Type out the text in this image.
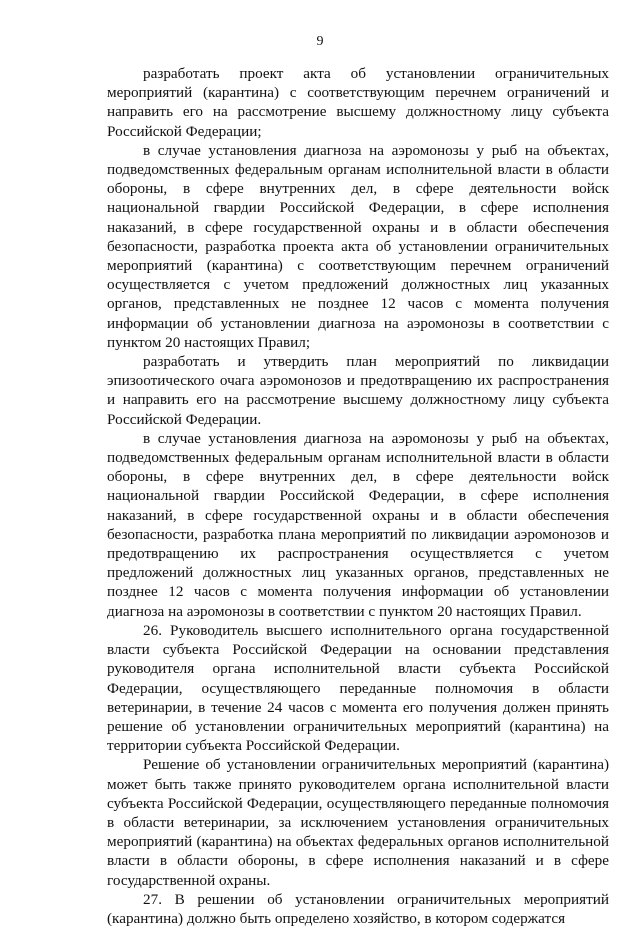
9

разработать проект акта об установлении ограничительных мероприятий (карантина) с соответствующим перечнем ограничений и направить его на рассмотрение высшему должностному лицу субъекта Российской Федерации;

в случае установления диагноза на аэромонозы у рыб на объектах, подведомственных федеральным органам исполнительной власти в области обороны, в сфере внутренних дел, в сфере деятельности войск национальной гвардии Российской Федерации, в сфере исполнения наказаний, в сфере государственной охраны и в области обеспечения безопасности, разработка проекта акта об установлении ограничительных мероприятий (карантина) с соответствующим перечнем ограничений осуществляется с учетом предложений должностных лиц указанных органов, представленных не позднее 12 часов с момента получения информации об установлении диагноза на аэромонозы в соответствии с пунктом 20 настоящих Правил;

разработать и утвердить план мероприятий по ликвидации эпизоотического очага аэромонозов и предотвращению их распространения и направить его на рассмотрение высшему должностному лицу субъекта Российской Федерации.

в случае установления диагноза на аэромонозы у рыб на объектах, подведомственных федеральным органам исполнительной власти в области обороны, в сфере внутренних дел, в сфере деятельности войск национальной гвардии Российской Федерации, в сфере исполнения наказаний, в сфере государственной охраны и в области обеспечения безопасности, разработка плана мероприятий по ликвидации аэромонозов и предотвращению их распространения осуществляется с учетом предложений должностных лиц указанных органов, представленных не позднее 12 часов с момента получения информации об установлении диагноза на аэромонозы в соответствии с пунктом 20 настоящих Правил.

26. Руководитель высшего исполнительного органа государственной власти субъекта Российской Федерации на основании представления руководителя органа исполнительной власти субъекта Российской Федерации, осуществляющего переданные полномочия в области ветеринарии, в течение 24 часов с момента его получения должен принять решение об установлении ограничительных мероприятий (карантина) на территории субъекта Российской Федерации.

Решение об установлении ограничительных мероприятий (карантина) может быть также принято руководителем органа исполнительной власти субъекта Российской Федерации, осуществляющего переданные полномочия в области ветеринарии, за исключением установления ограничительных мероприятий (карантина) на объектах федеральных органов исполнительной власти в области обороны, в сфере исполнения наказаний и в сфере государственной охраны.

27. В решении об установлении ограничительных мероприятий (карантина) должно быть определено хозяйство, в котором содержатся
